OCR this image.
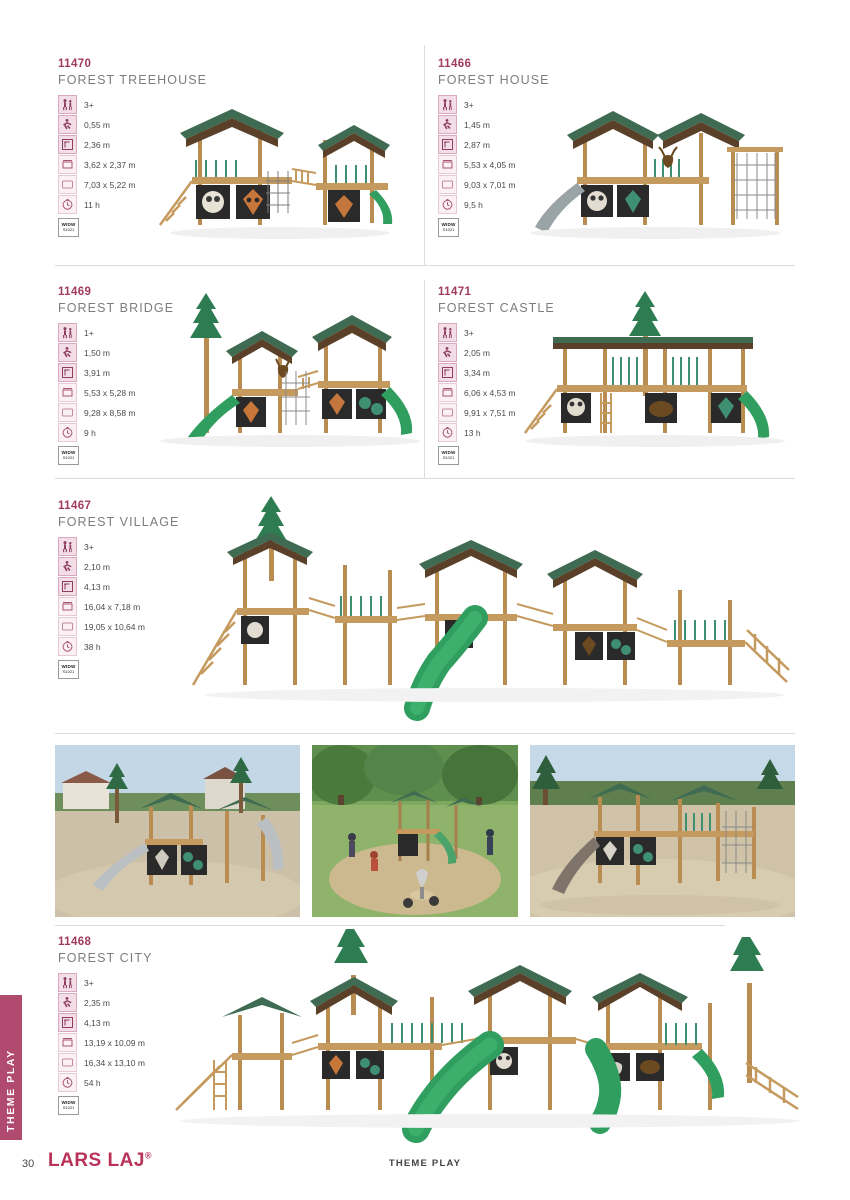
THEME PLAY
11470
FOREST TREEHOUSE
3+
0,55 m
2,36 m
3,62 x 2,37 m
7,03 x 5,22 m
11 h
WIDW
S1021
11466
FOREST HOUSE
3+
1,45 m
2,87 m
5,53 x 4,05 m
9,03 x 7,01 m
9,5 h
WIDW
S1021
11469
FOREST BRIDGE
1+
1,50 m
3,91 m
5,53 x 5,28 m
9,28 x 8,58 m
9 h
WIDW
S1021
11471
FOREST CASTLE
3+
2,05 m
3,34 m
6,06 x 4,53 m
9,91 x 7,51 m
13 h
WIDW
S1021
11467
FOREST VILLAGE
3+
2,10 m
4,13 m
16,04 x 7,18 m
19,05 x 10,64 m
38 h
WIDW
S1021
11468
FOREST CITY
3+
2,35 m
4,13 m
13,19 x 10,09 m
16,34 x 13,10 m
54 h
WIDW
S1021
30 LARS LAJ®
THEME PLAY
